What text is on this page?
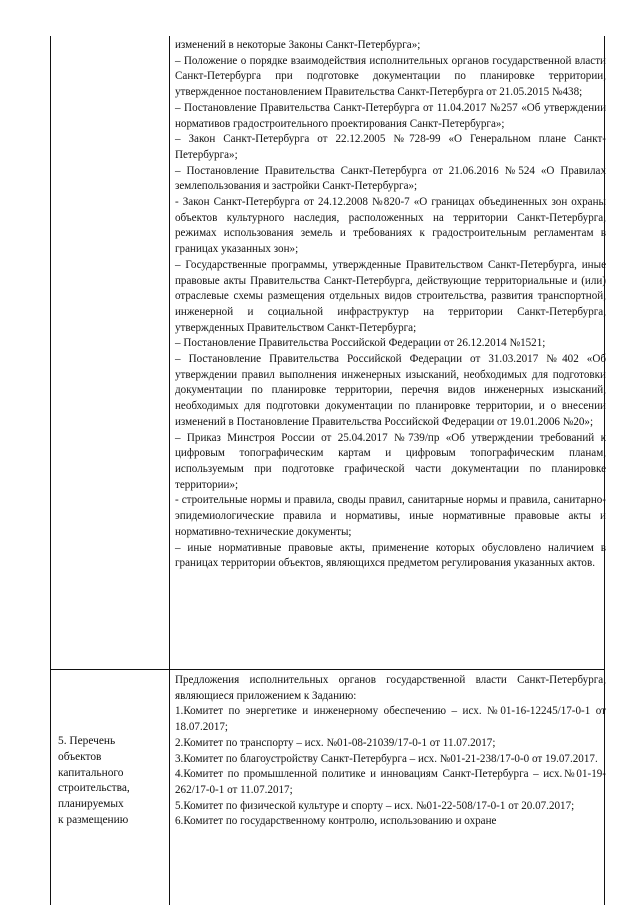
изменений в некоторые Законы Санкт-Петербурга»;

– Положение о порядке взаимодействия исполнительных органов государственной власти Санкт-Петербурга при подготовке документации по планировке территории, утвержденное постановлением Правительства Санкт-Петербурга от 21.05.2015 №438;

– Постановление Правительства Санкт-Петербурга от 11.04.2017 №257 «Об утверждении нормативов градостроительного проектирования Санкт-Петербурга»;

– Закон Санкт-Петербурга от 22.12.2005 №728-99 «О Генеральном плане Санкт-Петербурга»;

– Постановление Правительства Санкт-Петербурга от 21.06.2016 №524 «О Правилах землепользования и застройки Санкт-Петербурга»;

- Закон Санкт-Петербурга от 24.12.2008 №820-7 «О границах объединенных зон охраны объектов культурного наследия, расположенных на территории Санкт-Петербурга, режимах использования земель и требованиях к градостроительным регламентам в границах указанных зон»;

– Государственные программы, утвержденные Правительством Санкт-Петербурга, иные правовые акты Правительства Санкт-Петербурга, действующие территориальные и (или) отраслевые схемы размещения отдельных видов строительства, развития транспортной, инженерной и социальной инфраструктур на территории Санкт-Петербурга, утвержденных Правительством Санкт-Петербурга;

– Постановление Правительства Российской Федерации от 26.12.2014 №1521;

– Постановление Правительства Российской Федерации от 31.03.2017 №402 «Об утверждении правил выполнения инженерных изысканий, необходимых для подготовки документации по планировке территории, перечня видов инженерных изысканий, необходимых для подготовки документации по планировке территории, и о внесении изменений в Постановление Правительства Российской Федерации от 19.01.2006 №20»;

– Приказ Минстроя России от 25.04.2017 №739/пр «Об утверждении требований к цифровым топографическим картам и цифровым топографическим планам, используемым при подготовке графической части документации по планировке территории»;

- строительные нормы и правила, своды правил, санитарные нормы и правила, санитарно-эпидемиологические правила и нормативы, иные нормативные правовые акты и нормативно-технические документы;

– иные нормативные правовые акты, применение которых обусловлено наличием в границах территории объектов, являющихся предметом регулирования указанных актов.

5. Перечень

объектов

капитального

строительства,

планируемых

к размещению

Предложения исполнительных органов государственной власти Санкт-Петербурга, являющиеся приложением к Заданию:

1.Комитет по энергетике и инженерному обеспечению – исх. №01-16-12245/17-0-1 от 18.07.2017;

2.Комитет по транспорту – исх. №01-08-21039/17-0-1 от 11.07.2017;

3.Комитет по благоустройству Санкт-Петербурга – исх. №01-21-238/17-0-0 от 19.07.2017.

4.Комитет по промышленной политике и инновациям Санкт-Петербурга – исх.№01-19-262/17-0-1 от 11.07.2017;

5.Комитет по физической культуре и спорту – исх. №01-22-508/17-0-1 от 20.07.2017;

6.Комитет по государственному контролю, использованию и охране
